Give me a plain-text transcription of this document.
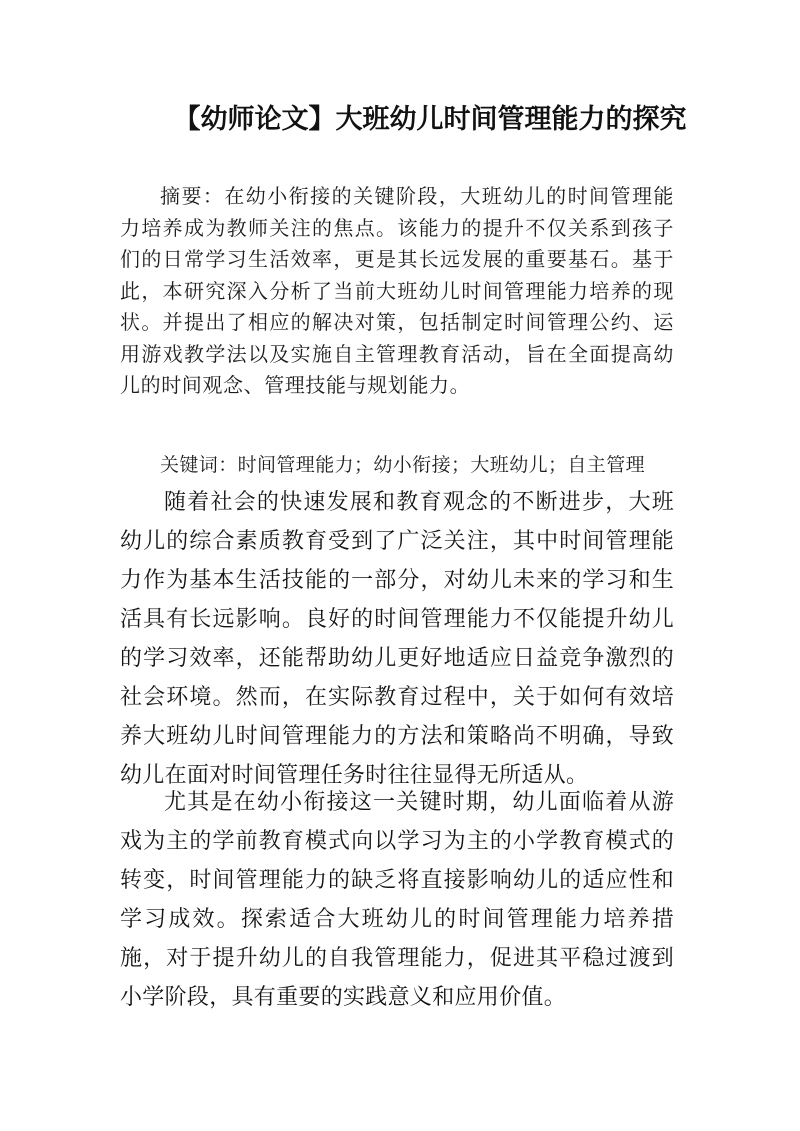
【幼师论文】大班幼儿时间管理能力的探究

摘要：在幼小衔接的关键阶段，大班幼儿的时间管理能力培养成为教师关注的焦点。该能力的提升不仅关系到孩子们的日常学习生活效率，更是其长远发展的重要基石。基于此，本研究深入分析了当前大班幼儿时间管理能力培养的现状。并提出了相应的解决对策，包括制定时间管理公约、运用游戏教学法以及实施自主管理教育活动，旨在全面提高幼儿的时间观念、管理技能与规划能力。

关键词：时间管理能力；幼小衔接；大班幼儿；自主管理

随着社会的快速发展和教育观念的不断进步，大班幼儿的综合素质教育受到了广泛关注，其中时间管理能力作为基本生活技能的一部分，对幼儿未来的学习和生活具有长远影响。良好的时间管理能力不仅能提升幼儿的学习效率，还能帮助幼儿更好地适应日益竞争激烈的社会环境。然而，在实际教育过程中，关于如何有效培养大班幼儿时间管理能力的方法和策略尚不明确，导致幼儿在面对时间管理任务时往往显得无所适从。

尤其是在幼小衔接这一关键时期，幼儿面临着从游戏为主的学前教育模式向以学习为主的小学教育模式的转变，时间管理能力的缺乏将直接影响幼儿的适应性和学习成效。探索适合大班幼儿的时间管理能力培养措施，对于提升幼儿的自我管理能力，促进其平稳过渡到小学阶段，具有重要的实践意义和应用价值。
